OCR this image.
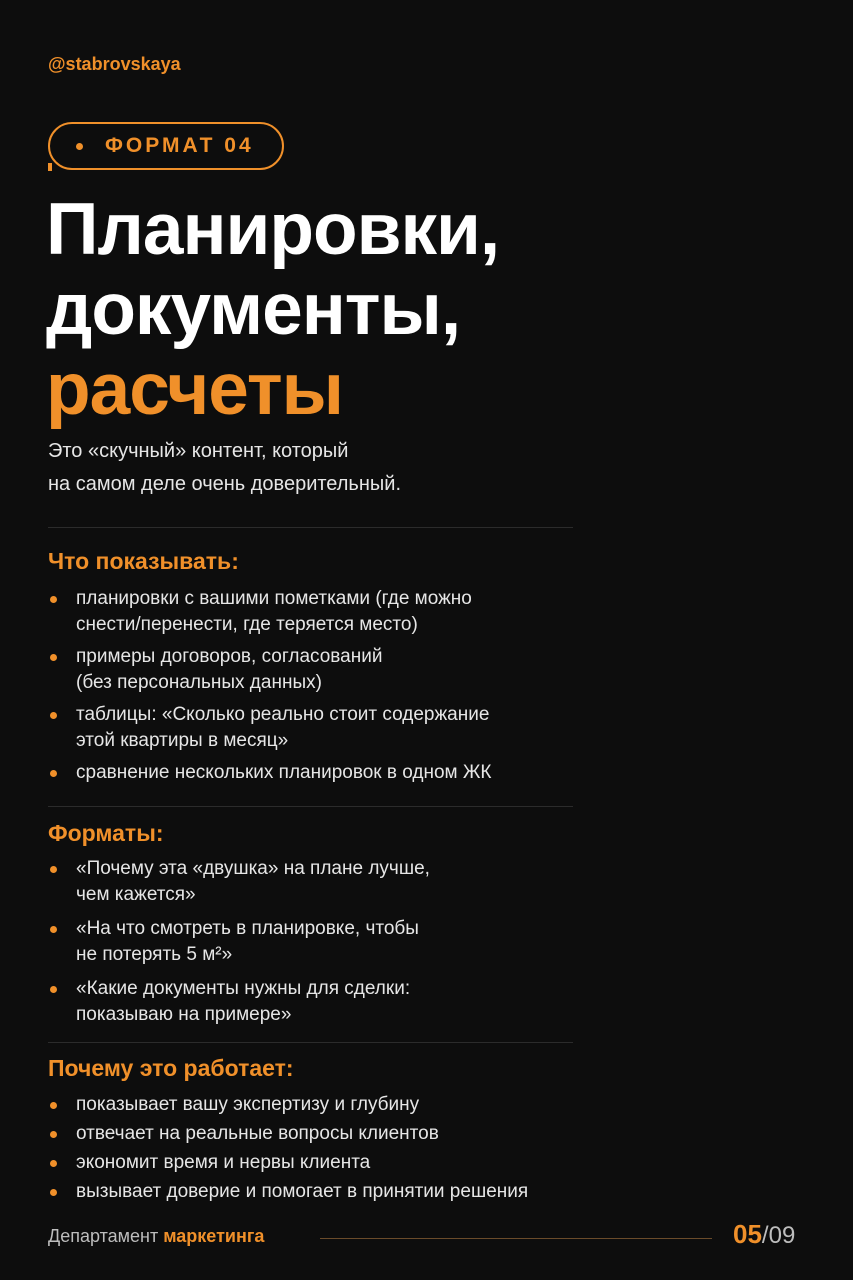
@stabrovskaya
ФОРМАТ 04
Планировки,
документы,
расчеты
Это «скучный» контент, который
на самом деле очень доверительный.
Что показывать:
планировки с вашими пометками (где можно
снести/перенести, где теряется место)
примеры договоров, согласований
(без персональных данных)
таблицы: «Сколько реально стоит содержание
этой квартиры в месяц»
сравнение нескольких планировок в одном ЖК
Форматы:
«Почему эта «двушка» на плане лучше,
чем кажется»
«На что смотреть в планировке, чтобы
не потерять 5 м²»
«Какие документы нужны для сделки:
показываю на примере»
Почему это работает:
показывает вашу экспертизу и глубину
отвечает на реальные вопросы клиентов
экономит время и нервы клиента
вызывает доверие и помогает в принятии решения
Департамент маркетинга	05/09
